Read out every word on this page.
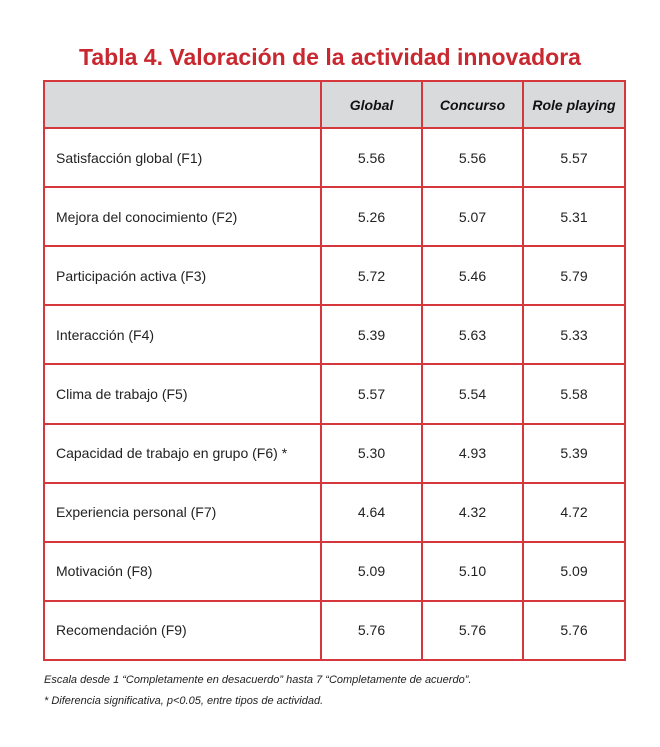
Tabla 4. Valoración de la actividad innovadora
	Global	Concurso	Role playing
Satisfacción global (F1)	5.56	5.56	5.57
Mejora del conocimiento (F2)	5.26	5.07	5.31
Participación activa (F3)	5.72	5.46	5.79
Interacción (F4)	5.39	5.63	5.33
Clima de trabajo (F5)	5.57	5.54	5.58
Capacidad de trabajo en grupo (F6) *	5.30	4.93	5.39
Experiencia personal (F7)	4.64	4.32	4.72
Motivación (F8)	5.09	5.10	5.09
Recomendación (F9)	5.76	5.76	5.76

Escala desde 1 “Completamente en desacuerdo” hasta 7 “Completamente de acuerdo”.

* Diferencia significativa, p<0.05, entre tipos de actividad.
